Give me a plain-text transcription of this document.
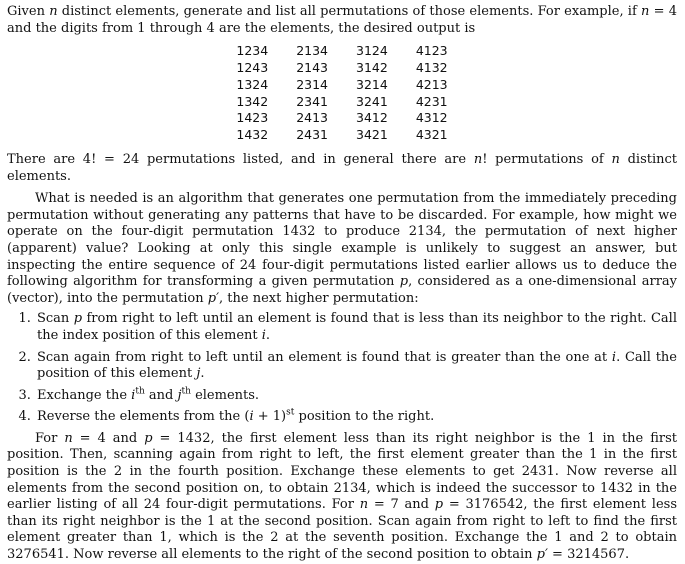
Given n distinct elements, generate and list all permutations of those elements. For example, if n = 4 and the digits from 1 through 4 are the elements, the desired output is

1234	2134	3124	4123
1243	2143	3142	4132
1324	2314	3214	4213
1342	2341	3241	4231
1423	2413	3412	4312
1432	2431	3421	4321

There are 4! = 24 permutations listed, and in general there are n! permutations of n distinct elements.

What is needed is an algorithm that generates one permutation from the immediately preceding permutation without generating any patterns that have to be discarded. For example, how might we operate on the four-digit permutation 1432 to produce 2134, the permutation of next higher (apparent) value? Looking at only this single example is unlikely to suggest an answer, but inspecting the entire sequence of 24 four-digit permutations listed earlier allows us to deduce the following algorithm for transforming a given permutation p, considered as a one-dimensional array (vector), into the permutation p′, the next higher permutation:

1. Scan p from right to left until an element is found that is less than its neighbor to the right. Call the index position of this element i.
2. Scan again from right to left until an element is found that is greater than the one at i. Call the position of this element j.
3. Exchange the $i^{th}$ and $j^{th}$ elements.
4. Reverse the elements from the $(i + 1)^{st}$ position to the right.

For n = 4 and p = 1432, the first element less than its right neighbor is the 1 in the first position. Then, scanning again from right to left, the first element greater than the 1 in the first position is the 2 in the fourth position. Exchange these elements to get 2431. Now reverse all elements from the second position on, to obtain 2134, which is indeed the successor to 1432 in the earlier listing of all 24 four-digit permutations. For n = 7 and p = 3176542, the first element less than its right neighbor is the 1 at the second position. Scan again from right to left to find the first element greater than 1, which is the 2 at the seventh position. Exchange the 1 and 2 to obtain 3276541. Now reverse all elements to the right of the second position to obtain p′ = 3214567.
